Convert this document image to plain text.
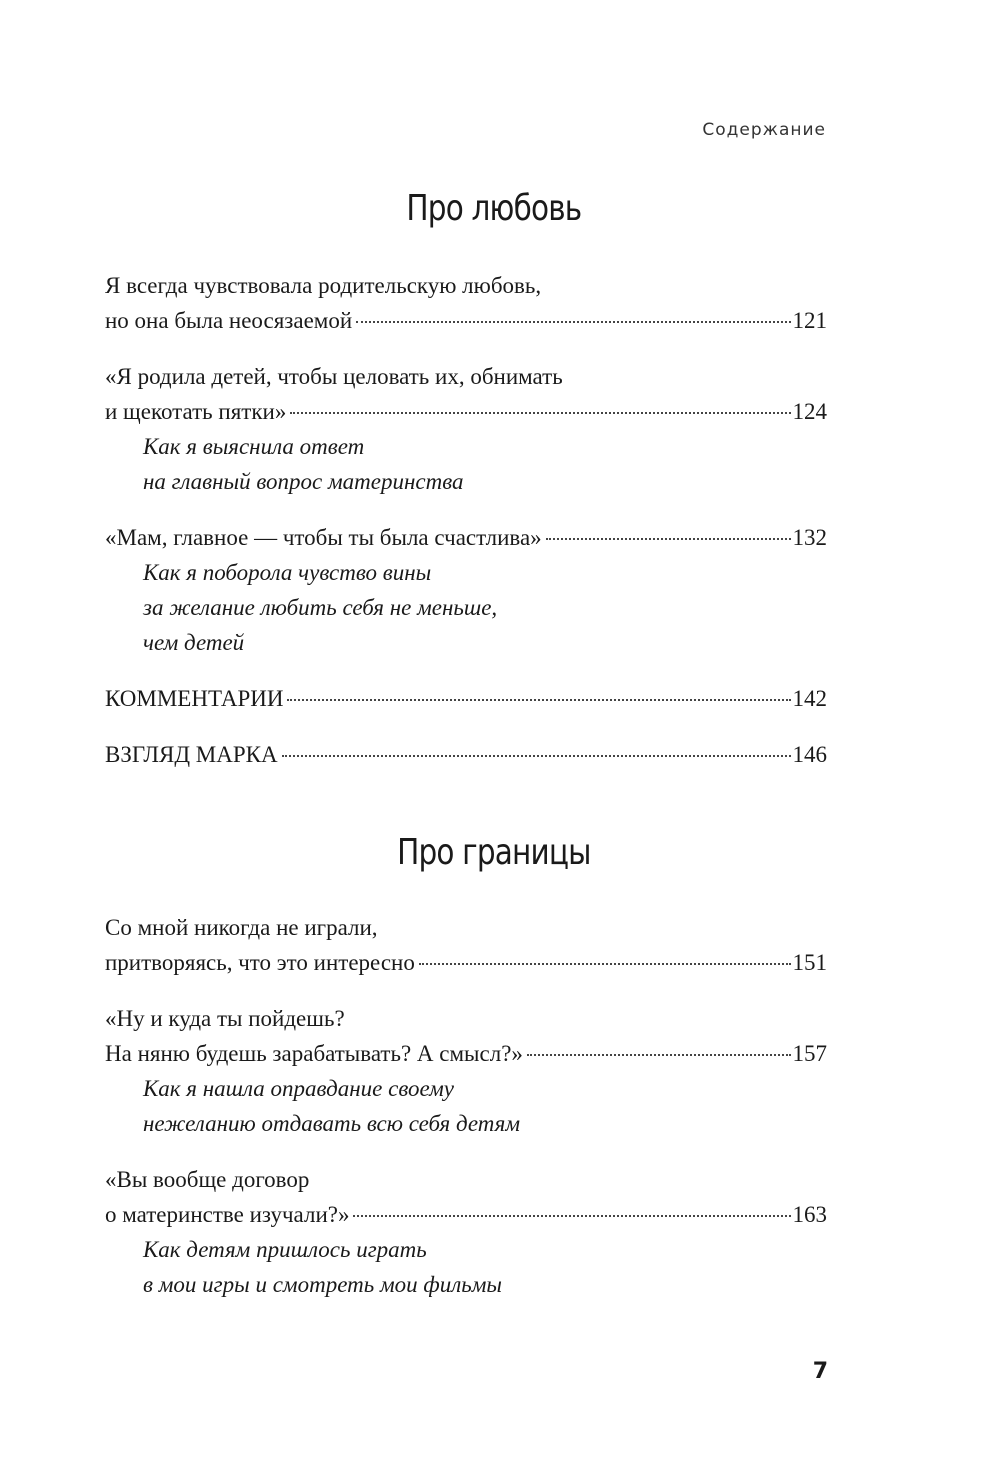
Содержание
Про любовь
Я всегда чувствовала родительскую любовь,
но она была неосязаемой	121
«Я родила детей, чтобы целовать их, обнимать
и щекотать пятки»	124
Как я выяснила ответ
на главный вопрос материнства
«Мам, главное — чтобы ты была счастлива»	132
Как я поборола чувство вины
за желание любить себя не меньше,
чем детей
КОММЕНТАРИИ	142
ВЗГЛЯД МАРКА	146
Про границы
Со мной никогда не играли,
притворяясь, что это интересно	151
«Ну и куда ты пойдешь?
На няню будешь зарабатывать? А смысл?»	157
Как я нашла оправдание своему
нежеланию отдавать всю себя детям
«Вы вообще договор
о материнстве изучали?»	163
Как детям пришлось играть
в мои игры и смотреть мои фильмы
7
